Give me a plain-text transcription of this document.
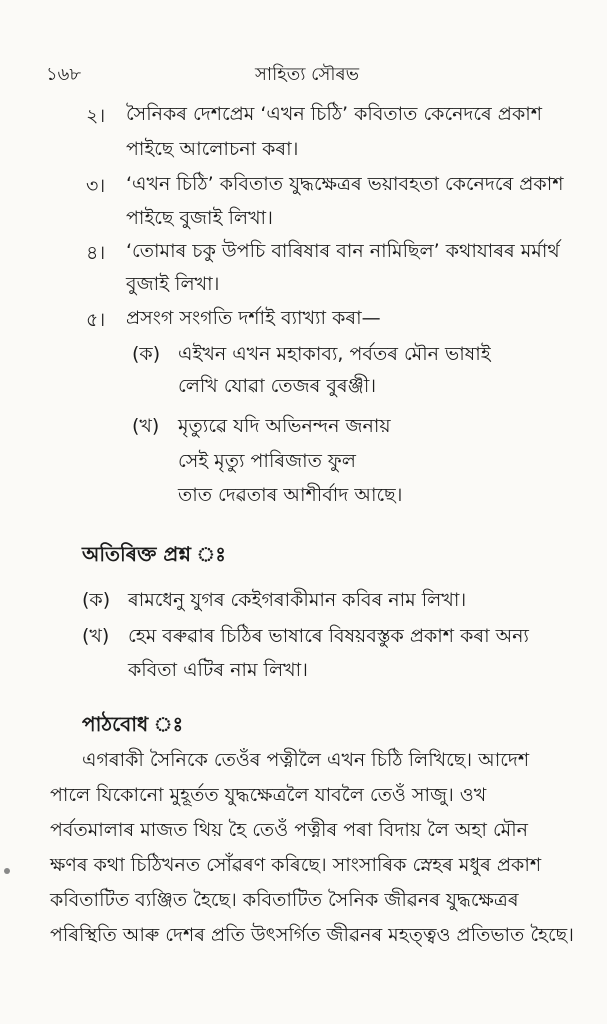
১৬৮	সাহিত্য সৌৰভ
২। সৈনিকৰ দেশপ্ৰেম ‘এখন চিঠি’ কবিতাত কেনেদৰে প্ৰকাশ
পাইছে আলোচনা কৰা।
৩। ‘এখন চিঠি’ কবিতাত যুদ্ধক্ষেত্ৰৰ ভয়াবহতা কেনেদৰে প্ৰকাশ
পাইছে বুজাই লিখা।
৪। ‘তোমাৰ চকু উপচি বাৰিষাৰ বান নামিছিল’ কথাযাৰৰ মৰ্মাৰ্থ
বুজাই লিখা।
৫। প্ৰসংগ সংগতি দৰ্শাই ব্যাখ্যা কৰা—
(ক) এইখন এখন মহাকাব্য, পৰ্বতৰ মৌন ভাষাই
লেখি যোৱা তেজৰ বুৰঞ্জী।
(খ) মৃত্যুৱে যদি অভিনন্দন জনায়
সেই মৃত্যু পাৰিজাত ফুল
তাত দেৱতাৰ আশীৰ্বাদ আছে।
অতিৰিক্ত প্ৰশ্ন ঃ
(ক) ৰামধেনু যুগৰ কেইগৰাকীমান কবিৰ নাম লিখা।
(খ) হেম বৰুৱাৰ চিঠিৰ ভাষাৰে বিষয়বস্তুক প্ৰকাশ কৰা অন্য
কবিতা এটিৰ নাম লিখা।
পাঠবোধ ঃ
এগৰাকী সৈনিকে তেওঁৰ পত্নীলৈ এখন চিঠি লিখিছে। আদেশ
পালে যিকোনো মুহূৰ্তত যুদ্ধক্ষেত্ৰলৈ যাবলৈ তেওঁ সাজু। ওখ
পৰ্বতমালাৰ মাজত থিয় হৈ তেওঁ পত্নীৰ পৰা বিদায় লৈ অহা মৌন
ক্ষণৰ কথা চিঠিখনত সোঁৱৰণ কৰিছে। সাংসাৰিক স্নেহৰ মধুৰ প্ৰকাশ
কবিতাটিত ব্যঞ্জিত হৈছে। কবিতাটিত সৈনিক জীৱনৰ যুদ্ধক্ষেত্ৰৰ
পৰিস্থিতি আৰু দেশৰ প্ৰতি উৎসৰ্গিত জীৱনৰ মহত্ত্বও প্ৰতিভাত হৈছে।
